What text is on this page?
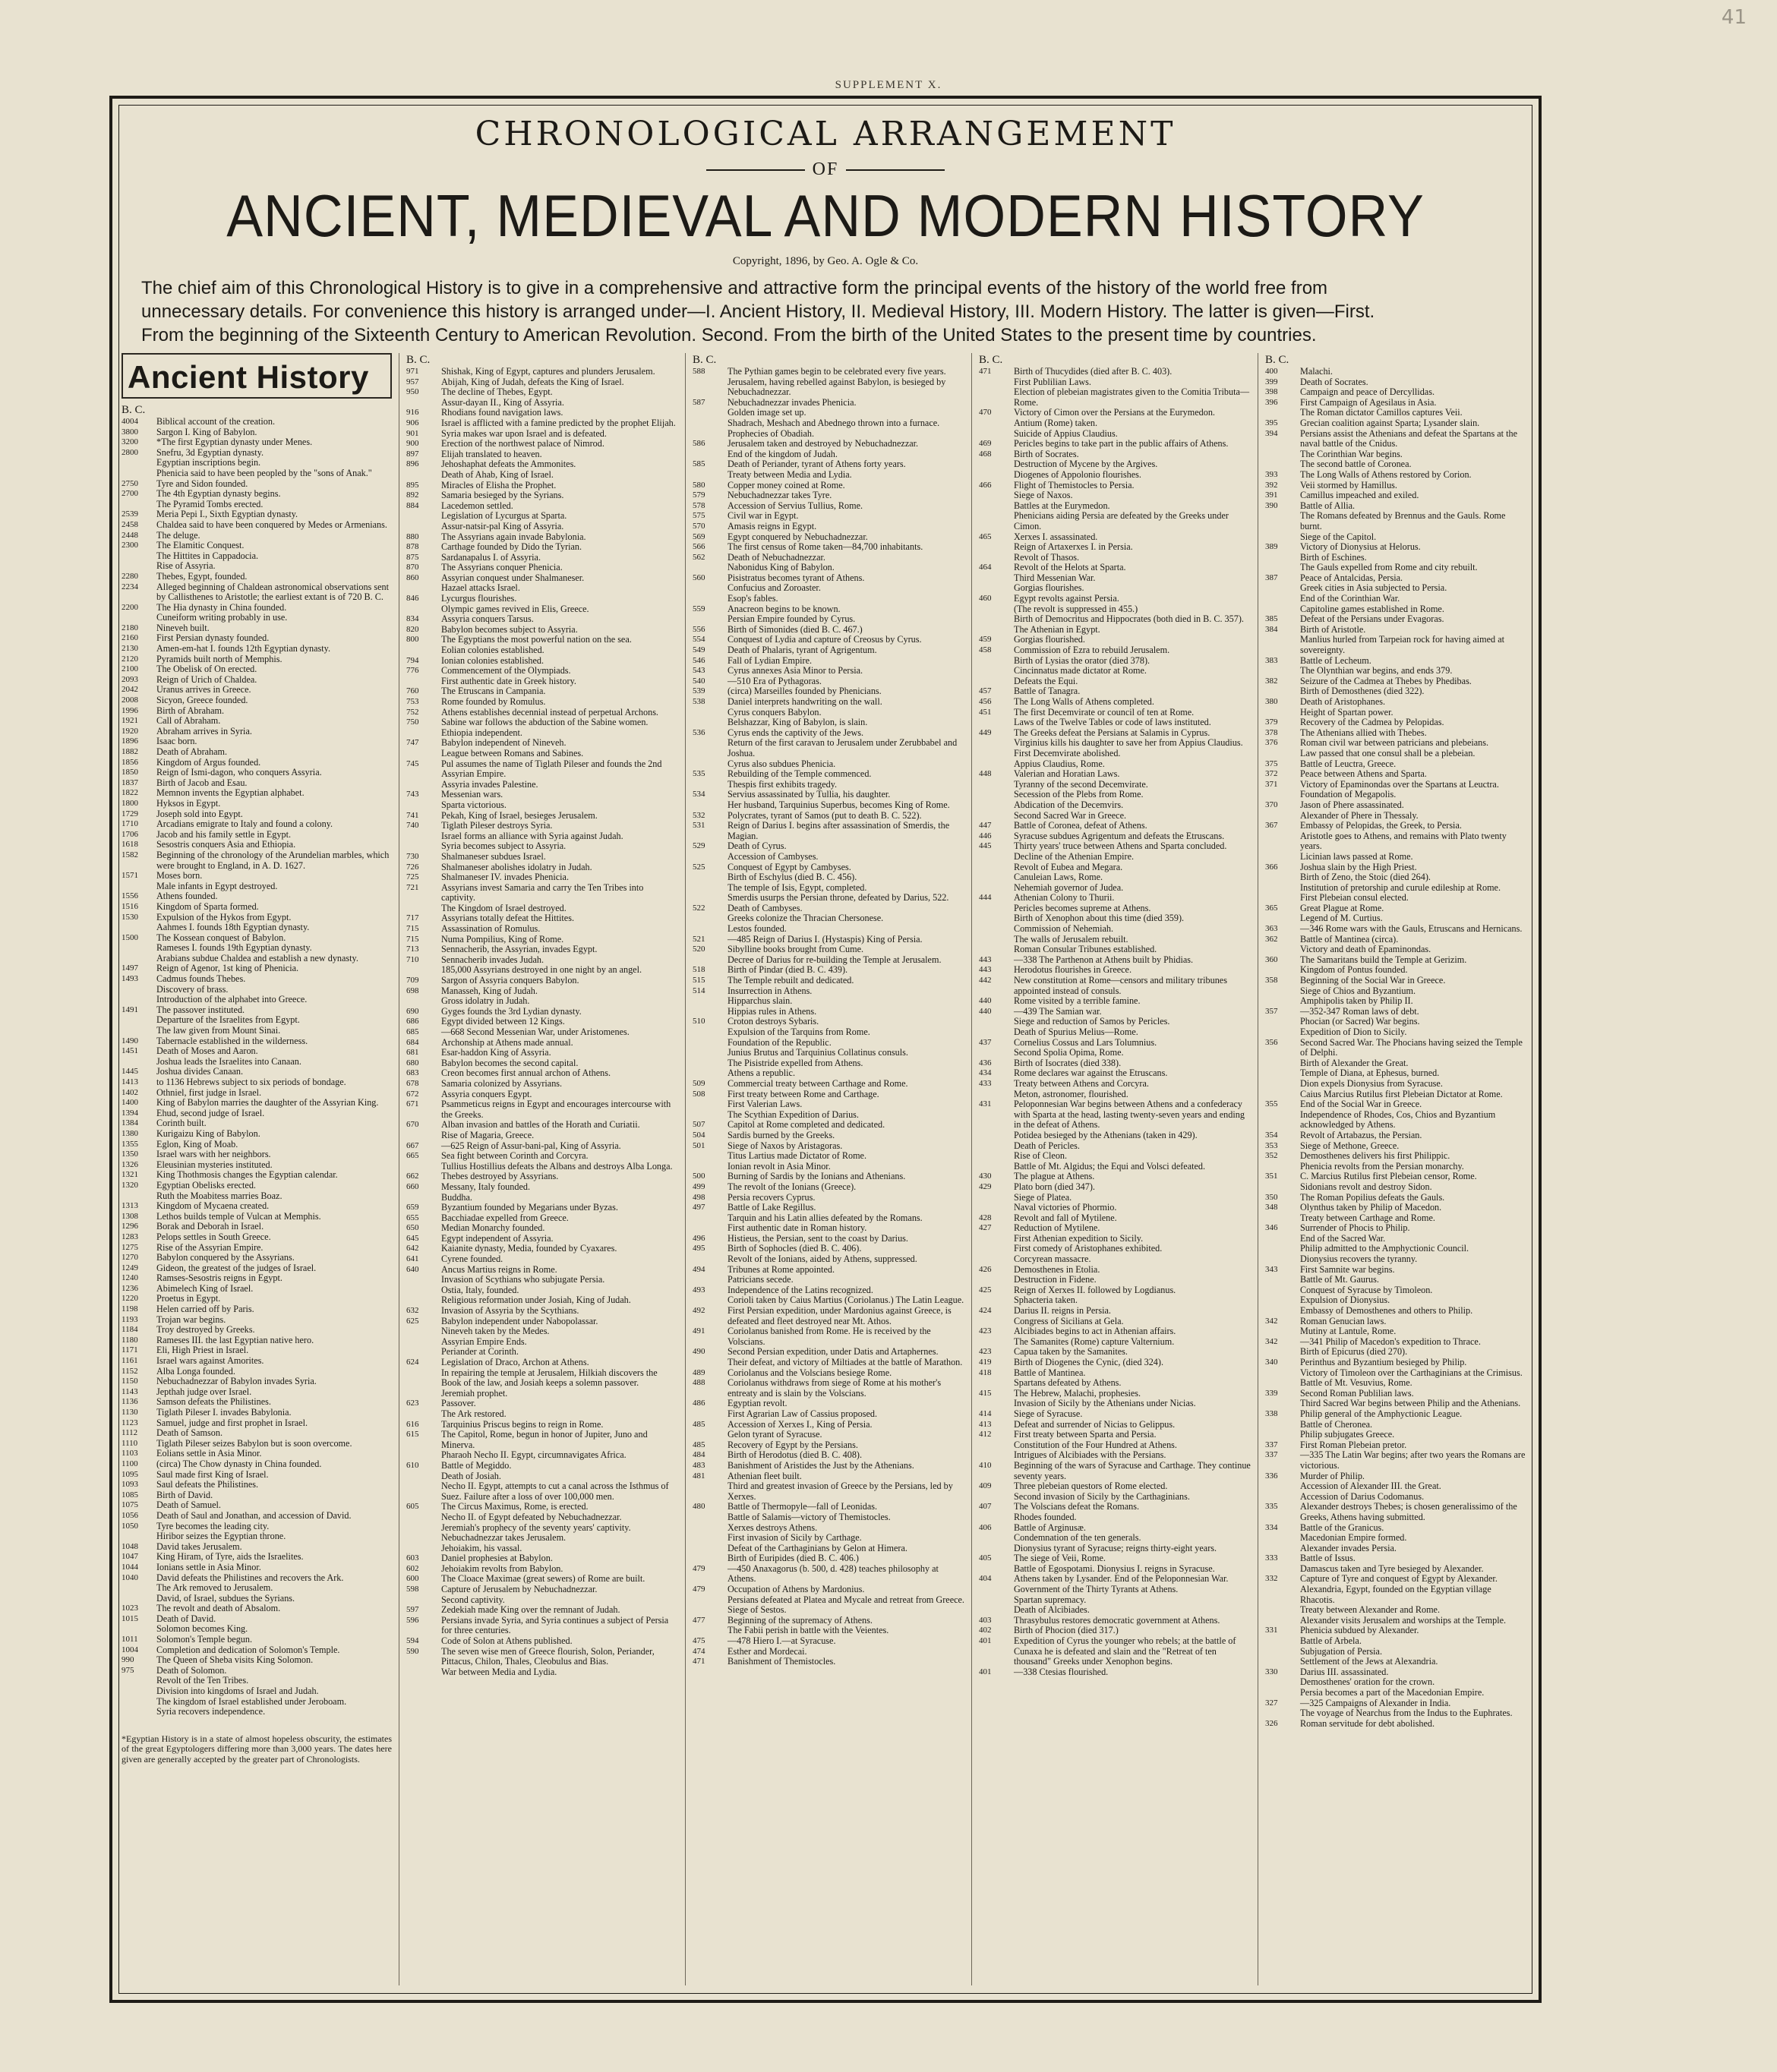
41
SUPPLEMENT X.
CHRONOLOGICAL ARRANGEMENT
OF
ANCIENT, MEDIEVAL AND MODERN HISTORY
Copyright, 1896, by Geo. A. Ogle & Co.
The chief aim of this Chronological History is to give in a comprehensive and attractive form the principal events of the history of the world free from
unnecessary details. For convenience this history is arranged under—I. Ancient History, II. Medieval History, III. Modern History. The latter is given—First.
From the beginning of the Sixteenth Century to American Revolution. Second. From the birth of the United States to the present time by countries.
Ancient History
B. C.
4004	Biblical account of the creation.
3800	Sargon I. King of Babylon.
3200	*The first Egyptian dynasty under Menes.
2800	Snefru, 3d Egyptian dynasty.
Egyptian inscriptions begin.
Phenicia said to have been peopled by the "sons of Anak."
2750	Tyre and Sidon founded.
2700	The 4th Egyptian dynasty begins.
The Pyramid Tombs erected.
2539	Meria Pepi I., Sixth Egyptian dynasty.
2458	Chaldea said to have been conquered by Medes or Armenians.
2448	The deluge.
2300	The Elamitic Conquest.
The Hittites in Cappadocia.
Rise of Assyria.
2280	Thebes, Egypt, founded.
2234	Alleged beginning of Chaldean astronomical observations sent by Callisthenes to Aristotle; the earliest extant is of 720 B. C.
2200	The Hia dynasty in China founded.
Cuneiform writing probably in use.
2180	Nineveh built.
2160	First Persian dynasty founded.
2130	Amen-em-hat I. founds 12th Egyptian dynasty.
2120	Pyramids built north of Memphis.
2100	The Obelisk of On erected.
2093	Reign of Urich of Chaldea.
2042	Uranus arrives in Greece.
2008	Sicyon, Greece founded.
1996	Birth of Abraham.
1921	Call of Abraham.
1920	Abraham arrives in Syria.
1896	Isaac born.
1882	Death of Abraham.
1856	Kingdom of Argus founded.
1850	Reign of Ismi-dagon, who conquers Assyria.
1837	Birth of Jacob and Esau.
1822	Memnon invents the Egyptian alphabet.
1800	Hyksos in Egypt.
1729	Joseph sold into Egypt.
1710	Arcadians emigrate to Italy and found a colony.
1706	Jacob and his family settle in Egypt.
1618	Sesostris conquers Asia and Ethiopia.
1582	Beginning of the chronology of the Arundelian marbles, which were brought to England, in A. D. 1627.
1571	Moses born.
Male infants in Egypt destroyed.
1556	Athens founded.
1516	Kingdom of Sparta formed.
1530	Expulsion of the Hykos from Egypt.
Aahmes I. founds 18th Egyptian dynasty.
1500	The Kossean conquest of Babylon.
Rameses I. founds 19th Egyptian dynasty.
Arabians subdue Chaldea and establish a new dynasty.
1497	Reign of Agenor, 1st king of Phenicia.
1493	Cadmus founds Thebes.
Discovery of brass.
Introduction of the alphabet into Greece.
1491	The passover instituted.
Departure of the Israelites from Egypt.
The law given from Mount Sinai.
1490	Tabernacle established in the wilderness.
1451	Death of Moses and Aaron.
Joshua leads the Israelites into Canaan.
1445	Joshua divides Canaan.
1413	to 1136 Hebrews subject to six periods of bondage.
1402	Othniel, first judge in Israel.
1400	King of Babylon marries the daughter of the Assyrian King.
1394	Ehud, second judge of Israel.
1384	Corinth built.
1380	Kurigaizu King of Babylon.
1355	Eglon, King of Moab.
1350	Israel wars with her neighbors.
1326	Eleusinian mysteries instituted.
1321	King Thothmosis changes the Egyptian calendar.
1320	Egyptian Obelisks erected.
Ruth the Moabitess marries Boaz.
1313	Kingdom of Mycaena created.
1308	Lethos builds temple of Vulcan at Memphis.
1296	Borak and Deborah in Israel.
1283	Pelops settles in South Greece.
1275	Rise of the Assyrian Empire.
1270	Babylon conquered by the Assyrians.
1249	Gideon, the greatest of the judges of Israel.
1240	Ramses-Sesostris reigns in Egypt.
1236	Abimelech King of Israel.
1220	Proetus in Egypt.
1198	Helen carried off by Paris.
1193	Trojan war begins.
1184	Troy destroyed by Greeks.
1180	Rameses III. the last Egyptian native hero.
1171	Eli, High Priest in Israel.
1161	Israel wars against Amorites.
1152	Alba Longa founded.
1150	Nebuchadnezzar of Babylon invades Syria.
1143	Jepthah judge over Israel.
1136	Samson defeats the Philistines.
1130	Tiglath Pileser I. invades Babylonia.
1123	Samuel, judge and first prophet in Israel.
1112	Death of Samson.
1110	Tiglath Pileser seizes Babylon but is soon overcome.
1103	Eolians settle in Asia Minor.
1100	(circa) The Chow dynasty in China founded.
1095	Saul made first King of Israel.
1093	Saul defeats the Philistines.
1085	Birth of David.
1075	Death of Samuel.
1056	Death of Saul and Jonathan, and accession of David.
1050	Tyre becomes the leading city.
Hiribor seizes the Egyptian throne.
1048	David takes Jerusalem.
1047	King Hiram, of Tyre, aids the Israelites.
1044	Ionians settle in Asia Minor.
1040	David defeats the Philistines and recovers the Ark.
The Ark removed to Jerusalem.
David, of Israel, subdues the Syrians.
1023	The revolt and death of Absalom.
1015	Death of David.
Solomon becomes King.
1011	Solomon's Temple begun.
1004	Completion and dedication of Solomon's Temple.
990	The Queen of Sheba visits King Solomon.
975	Death of Solomon.
Revolt of the Ten Tribes.
Division into kingdoms of Israel and Judah.
The kingdom of Israel established under Jeroboam.
Syria recovers independence.
*Egyptian History is in a state of almost hopeless obscurity, the estimates of the great Egyptologers differing more than 3,000 years. The dates here given are generally accepted by the greater part of Chronologists.
B. C.
971	Shishak, King of Egypt, captures and plunders Jerusalem.
957	Abijah, King of Judah, defeats the King of Israel.
950	The decline of Thebes, Egypt.
Assur-dayan II., King of Assyria.
916	Rhodians found navigation laws.
906	Israel is afflicted with a famine predicted by the prophet Elijah.
901	Syria makes war upon Israel and is defeated.
900	Erection of the northwest palace of Nimrod.
897	Elijah translated to heaven.
896	Jehoshaphat defeats the Ammonites.
Death of Ahab, King of Israel.
895	Miracles of Elisha the Prophet.
892	Samaria besieged by the Syrians.
884	Lacedemon settled.
Legislation of Lycurgus at Sparta.
Assur-natsir-pal King of Assyria.
880	The Assyrians again invade Babylonia.
878	Carthage founded by Dido the Tyrian.
875	Sardanapalus I. of Assyria.
870	The Assyrians conquer Phenicia.
860	Assyrian conquest under Shalmaneser.
Hazael attacks Israel.
846	Lycurgus flourishes.
Olympic games revived in Elis, Greece.
834	Assyria conquers Tarsus.
820	Babylon becomes subject to Assyria.
800	The Egyptians the most powerful nation on the sea.
Eolian colonies established.
794	Ionian colonies established.
776	Commencement of the Olympiads.
First authentic date in Greek history.
760	The Etruscans in Campania.
753	Rome founded by Romulus.
752	Athens establishes decennial instead of perpetual Archons.
750	Sabine war follows the abduction of the Sabine women.
Ethiopia independent.
747	Babylon independent of Nineveh.
League between Romans and Sabines.
745	Pul assumes the name of Tiglath Pileser and founds the 2nd Assyrian Empire.
Assyria invades Palestine.
743	Messenian wars.
Sparta victorious.
741	Pekah, King of Israel, besieges Jerusalem.
740	Tiglath Pileser destroys Syria.
Israel forms an alliance with Syria against Judah.
Syria becomes subject to Assyria.
730	Shalmaneser subdues Israel.
726	Shalmaneser abolishes idolatry in Judah.
725	Shalmaneser IV. invades Phenicia.
721	Assyrians invest Samaria and carry the Ten Tribes into captivity.
The Kingdom of Israel destroyed.
717	Assyrians totally defeat the Hittites.
715	Assassination of Romulus.
715	Numa Pompilius, King of Rome.
713	Sennacherib, the Assyrian, invades Egypt.
710	Sennacherib invades Judah.
185,000 Assyrians destroyed in one night by an angel.
709	Sargon of Assyria conquers Babylon.
698	Manasseh, King of Judah.
Gross idolatry in Judah.
690	Gyges founds the 3rd Lydian dynasty.
686	Egypt divided between 12 Kings.
685	—668 Second Messenian War, under Aristomenes.
684	Archonship at Athens made annual.
681	Esar-haddon King of Assyria.
680	Babylon becomes the second capital.
683	Creon becomes first annual archon of Athens.
678	Samaria colonized by Assyrians.
672	Assyria conquers Egypt.
671	Psammeticus reigns in Egypt and encourages intercourse with the Greeks.
670	Alban invasion and battles of the Horath and Curiatii.
Rise of Magaria, Greece.
667	—625 Reign of Assur-bani-pal, King of Assyria.
665	Sea fight between Corinth and Corcyra.
Tullius Hostillius defeats the Albans and destroys Alba Longa.
662	Thebes destroyed by Assyrians.
660	Messany, Italy founded.
Buddha.
659	Byzantium founded by Megarians under Byzas.
655	Bacchiadae expelled from Greece.
650	Median Monarchy founded.
645	Egypt independent of Assyria.
642	Kaianite dynasty, Media, founded by Cyaxares.
641	Cyrene founded.
640	Ancus Martius reigns in Rome.
Invasion of Scythians who subjugate Persia.
Ostia, Italy, founded.
Religious reformation under Josiah, King of Judah.
632	Invasion of Assyria by the Scythians.
625	Babylon independent under Nabopolassar.
Nineveh taken by the Medes.
Assyrian Empire Ends.
Periander at Corinth.
624	Legislation of Draco, Archon at Athens.
In repairing the temple at Jerusalem, Hilkiah discovers the Book of the law, and Josiah keeps a solemn passover.
Jeremiah prophet.
623	Passover.
The Ark restored.
616	Tarquinius Priscus begins to reign in Rome.
615	The Capitol, Rome, begun in honor of Jupiter, Juno and Minerva.
Pharaoh Necho II. Egypt, circumnavigates Africa.
610	Battle of Megiddo.
Death of Josiah.
Necho II. Egypt, attempts to cut a canal across the Isthmus of Suez. Failure after a loss of over 100,000 men.
605	The Circus Maximus, Rome, is erected.
Necho II. of Egypt defeated by Nebuchadnezzar.
Jeremiah's prophecy of the seventy years' captivity.
Nebuchadnezzar takes Jerusalem.
Jehoiakim, his vassal.
603	Daniel prophesies at Babylon.
602	Jehoiakim revolts from Babylon.
600	The Cloace Maximae (great sewers) of Rome are built.
598	Capture of Jerusalem by Nebuchadnezzar.
Second captivity.
597	Zedekiah made King over the remnant of Judah.
596	Persians invade Syria, and Syria continues a subject of Persia for three centuries.
594	Code of Solon at Athens published.
590	The seven wise men of Greece flourish, Solon, Periander, Pittacus, Chilon, Thales, Cleobulus and Bias.
War between Media and Lydia.
B. C.
588	The Pythian games begin to be celebrated every five years.
Jerusalem, having rebelled against Babylon, is besieged by Nebuchadnezzar.
587	Nebuchadnezzar invades Phenicia.
Golden image set up.
Shadrach, Meshach and Abednego thrown into a furnace.
Prophecies of Obadiah.
586	Jerusalem taken and destroyed by Nebuchadnezzar.
End of the kingdom of Judah.
585	Death of Periander, tyrant of Athens forty years.
Treaty between Media and Lydia.
580	Copper money coined at Rome.
579	Nebuchadnezzar takes Tyre.
578	Accession of Servius Tullius, Rome.
575	Civil war in Egypt.
570	Amasis reigns in Egypt.
569	Egypt conquered by Nebuchadnezzar.
566	The first census of Rome taken—84,700 inhabitants.
562	Death of Nebuchadnezzar.
Nabonidus King of Babylon.
560	Pisistratus becomes tyrant of Athens.
Confucius and Zoroaster.
Esop's fables.
559	Anacreon begins to be known.
Persian Empire founded by Cyrus.
556	Birth of Simonides (died B. C. 467.)
554	Conquest of Lydia and capture of Creosus by Cyrus.
549	Death of Phalaris, tyrant of Agrigentum.
546	Fall of Lydian Empire.
543	Cyrus annexes Asia Minor to Persia.
540	—510 Era of Pythagoras.
539	(circa) Marseilles founded by Phenicians.
538	Daniel interprets handwriting on the wall.
Cyrus conquers Babylon.
Belshazzar, King of Babylon, is slain.
536	Cyrus ends the captivity of the Jews.
Return of the first caravan to Jerusalem under Zerubbabel and Joshua.
Cyrus also subdues Phenicia.
535	Rebuilding of the Temple commenced.
Thespis first exhibits tragedy.
534	Servius assassinated by Tullia, his daughter.
Her husband, Tarquinius Superbus, becomes King of Rome.
532	Polycrates, tyrant of Samos (put to death B. C. 522).
531	Reign of Darius I. begins after assassination of Smerdis, the Magian.
529	Death of Cyrus.
Accession of Cambyses.
525	Conquest of Egypt by Cambyses.
Birth of Eschylus (died B. C. 456).
The temple of Isis, Egypt, completed.
Smerdis usurps the Persian throne, defeated by Darius, 522.
522	Death of Cambyses.
Greeks colonize the Thracian Chersonese.
Lestos founded.
521	—485 Reign of Darius I. (Hystaspis) King of Persia.
520	Sibylline books brought from Cume.
Decree of Darius for re-building the Temple at Jerusalem.
518	Birth of Pindar (died B. C. 439).
515	The Temple rebuilt and dedicated.
514	Insurrection in Athens.
Hipparchus slain.
Hippias rules in Athens.
510	Croton destroys Sybaris.
Expulsion of the Tarquins from Rome.
Foundation of the Republic.
Junius Brutus and Tarquinius Collatinus consuls.
The Pisistride expelled from Athens.
Athens a republic.
509	Commercial treaty between Carthage and Rome.
508	First treaty between Rome and Carthage.
First Valerian Laws.
The Scythian Expedition of Darius.
507	Capitol at Rome completed and dedicated.
504	Sardis burned by the Greeks.
501	Siege of Naxos by Aristagoras.
Titus Lartius made Dictator of Rome.
Ionian revolt in Asia Minor.
500	Burning of Sardis by the Ionians and Athenians.
499	The revolt of the Ionians (Greece).
498	Persia recovers Cyprus.
497	Battle of Lake Regillus.
Tarquin and his Latin allies defeated by the Romans.
First authentic date in Roman history.
496	Histieus, the Persian, sent to the coast by Darius.
495	Birth of Sophocles (died B. C. 406).
Revolt of the Ionians, aided by Athens, suppressed.
494	Tribunes at Rome appointed.
Patricians secede.
493	Independence of the Latins recognized.
Corioli taken by Caius Martius (Coriolanus.) The Latin League.
492	First Persian expedition, under Mardonius against Greece, is defeated and fleet destroyed near Mt. Athos.
491	Coriolanus banished from Rome. He is received by the Volscians.
490	Second Persian expedition, under Datis and Artaphernes.
Their defeat, and victory of Miltiades at the battle of Marathon.
489	Coriolanus and the Volscians besiege Rome.
488	Coriolanus withdraws from siege of Rome at his mother's entreaty and is slain by the Volscians.
486	Egyptian revolt.
First Agrarian Law of Cassius proposed.
485	Accession of Xerxes I., King of Persia.
Gelon tyrant of Syracuse.
485	Recovery of Egypt by the Persians.
484	Birth of Herodotus (died B. C. 408).
483	Banishment of Aristides the Just by the Athenians.
481	Athenian fleet built.
Third and greatest invasion of Greece by the Persians, led by Xerxes.
480	Battle of Thermopyle—fall of Leonidas.
Battle of Salamis—victory of Themistocles.
Xerxes destroys Athens.
First invasion of Sicily by Carthage.
Defeat of the Carthaginians by Gelon at Himera.
Birth of Euripides (died B. C. 406.)
479	—450 Anaxagorus (b. 500, d. 428) teaches philosophy at Athens.
479	Occupation of Athens by Mardonius.
Persians defeated at Platea and Mycale and retreat from Greece.
Siege of Sestos.
477	Beginning of the supremacy of Athens.
The Fabii perish in battle with the Veientes.
475	—478 Hiero I.—at Syracuse.
474	Esther and Mordecai.
471	Banishment of Themistocles.
B. C.
471	Birth of Thucydides (died after B. C. 403).
First Publilian Laws.
Election of plebeian magistrates given to the Comitia Tributa—Rome.
470	Victory of Cimon over the Persians at the Eurymedon.
Antium (Rome) taken.
Suicide of Appius Claudius.
469	Pericles begins to take part in the public affairs of Athens.
468	Birth of Socrates.
Destruction of Mycene by the Argives.
Diogenes of Appolonio flourishes.
466	Flight of Themistocles to Persia.
Siege of Naxos.
Battles at the Eurymedon.
Phenicians aiding Persia are defeated by the Greeks under Cimon.
465	Xerxes I. assassinated.
Reign of Artaxerxes I. in Persia.
Revolt of Thasos.
464	Revolt of the Helots at Sparta.
Third Messenian War.
Gorgias flourishes.
460	Egypt revolts against Persia.
(The revolt is suppressed in 455.)
Birth of Democritus and Hippocrates (both died in B. C. 357).
The Athenian in Egypt.
459	Gorgias flourished.
458	Commission of Ezra to rebuild Jerusalem.
Birth of Lysias the orator (died 378).
Cincinnatus made dictator at Rome.
Defeats the Equi.
457	Battle of Tanagra.
456	The Long Walls of Athens completed.
451	The first Decemvirate or council of ten at Rome.
Laws of the Twelve Tables or code of laws instituted.
449	The Greeks defeat the Persians at Salamis in Cyprus.
Virginius kills his daughter to save her from Appius Claudius.
First Decemvirate abolished.
Appius Claudius, Rome.
448	Valerian and Horatian Laws.
Tyranny of the second Decemvirate.
Secession of the Plebs from Rome.
Abdication of the Decemvirs.
Second Sacred War in Greece.
447	Battle of Coronea, defeat of Athens.
446	Syracuse subdues Agrigentum and defeats the Etruscans.
445	Thirty years' truce between Athens and Sparta concluded.
Decline of the Athenian Empire.
Revolt of Eubea and Megara.
Canuleian Laws, Rome.
Nehemiah governor of Judea.
444	Athenian Colony to Thurii.
Pericles becomes supreme at Athens.
Birth of Xenophon about this time (died 359).
Commission of Nehemiah.
The walls of Jerusalem rebuilt.
Roman Consular Tribunes established.
443	—338 The Parthenon at Athens built by Phidias.
443	Herodotus flourishes in Greece.
442	New constitution at Rome—censors and military tribunes appointed instead of consuls.
440	Rome visited by a terrible famine.
440	—439 The Samian war.
Siege and reduction of Samos by Pericles.
Death of Spurius Melius—Rome.
437	Cornelius Cossus and Lars Tolumnius.
Second Spolia Opima, Rome.
436	Birth of Isocrates (died 338).
434	Rome declares war against the Etruscans.
433	Treaty between Athens and Corcyra.
Meton, astronomer, flourished.
431	Peloponnesian War begins between Athens and a confederacy with Sparta at the head, lasting twenty-seven years and ending in the defeat of Athens.
Potidea besieged by the Athenians (taken in 429).
Death of Pericles.
Rise of Cleon.
Battle of Mt. Algidus; the Equi and Volsci defeated.
430	The plague at Athens.
429	Plato born (died 347).
Siege of Platea.
Naval victories of Phormio.
428	Revolt and fall of Mytilene.
427	Reduction of Mytilene.
First Athenian expedition to Sicily.
First comedy of Aristophanes exhibited.
Corcyrean massacre.
426	Demosthenes in Etolia.
Destruction in Fidene.
425	Reign of Xerxes II. followed by Logdianus.
Sphacteria taken.
424	Darius II. reigns in Persia.
Congress of Sicilians at Gela.
423	Alcibiades begins to act in Athenian affairs.
The Samanites (Rome) capture Valternium.
423	Capua taken by the Samanites.
419	Birth of Diogenes the Cynic, (died 324).
418	Battle of Mantinea.
Spartans defeated by Athens.
415	The Hebrew, Malachi, prophesies.
Invasion of Sicily by the Athenians under Nicias.
414	Siege of Syracuse.
413	Defeat and surrender of Nicias to Gelippus.
412	First treaty between Sparta and Persia.
Constitution of the Four Hundred at Athens.
Intrigues of Alcibiades with the Persians.
410	Beginning of the wars of Syracuse and Carthage. They continue seventy years.
409	Three plebeian questors of Rome elected.
Second invasion of Sicily by the Carthaginians.
407	The Volscians defeat the Romans.
Rhodes founded.
406	Battle of Arginusæ.
Condemnation of the ten generals.
Dionysius tyrant of Syracuse; reigns thirty-eight years.
405	The siege of Veii, Rome.
Battle of Egospotami. Dionysius I. reigns in Syracuse.
404	Athens taken by Lysander. End of the Peloponnesian War.
Government of the Thirty Tyrants at Athens.
Spartan supremacy.
Death of Alcibiades.
403	Thrasybulus restores democratic government at Athens.
402	Birth of Phocion (died 317.)
401	Expedition of Cyrus the younger who rebels; at the battle of Cunaxa he is defeated and slain and the "Retreat of ten thousand" Greeks under Xenophon begins.
401	—338 Ctesias flourished.
B. C.
400	Malachi.
399	Death of Socrates.
398	Campaign and peace of Dercyllidas.
396	First Campaign of Agesilaus in Asia.
The Roman dictator Camillos captures Veii.
395	Grecian coalition against Sparta; Lysander slain.
394	Persians assist the Athenians and defeat the Spartans at the naval battle of the Cnidus.
The Corinthian War begins.
The second battle of Coronea.
393	The Long Walls of Athens restored by Corion.
392	Veii stormed by Hamillus.
391	Camillus impeached and exiled.
390	Battle of Allia.
The Romans defeated by Brennus and the Gauls. Rome burnt.
Siege of the Capitol.
389	Victory of Dionysius at Helorus.
Birth of Eschines.
The Gauls expelled from Rome and city rebuilt.
387	Peace of Antalcidas, Persia.
Greek cities in Asia subjected to Persia.
End of the Corinthian War.
Capitoline games established in Rome.
385	Defeat of the Persians under Evagoras.
384	Birth of Aristotle.
Manlius hurled from Tarpeian rock for having aimed at sovereignty.
383	Battle of Lecheum.
The Olynthian war begins, and ends 379.
382	Seizure of the Cadmea at Thebes by Phedibas.
Birth of Demosthenes (died 322).
380	Death of Aristophanes.
Height of Spartan power.
379	Recovery of the Cadmea by Pelopidas.
378	The Athenians allied with Thebes.
376	Roman civil war between patricians and plebeians.
Law passed that one consul shall be a plebeian.
375	Battle of Leuctra, Greece.
372	Peace between Athens and Sparta.
371	Victory of Epaminondas over the Spartans at Leuctra.
Foundation of Megapolis.
370	Jason of Phere assassinated.
Alexander of Phere in Thessaly.
367	Embassy of Pelopidas, the Greek, to Persia.
Aristotle goes to Athens, and remains with Plato twenty years.
Licinian laws passed at Rome.
366	Joshua slain by the High Priest.
Birth of Zeno, the Stoic (died 264).
Institution of pretorship and curule edileship at Rome.
First Plebeian consul elected.
365	Great Plague at Rome.
Legend of M. Curtius.
363	—346 Rome wars with the Gauls, Etruscans and Hernicans.
362	Battle of Mantinea (circa).
Victory and death of Epaminondas.
360	The Samaritans build the Temple at Gerizim.
Kingdom of Pontus founded.
358	Beginning of the Social War in Greece.
Siege of Chios and Byzantium.
Amphipolis taken by Philip II.
357	—352-347 Roman laws of debt.
Phocian (or Sacred) War begins.
Expedition of Dion to Sicily.
356	Second Sacred War. The Phocians having seized the Temple of Delphi.
Birth of Alexander the Great.
Temple of Diana, at Ephesus, burned.
Dion expels Dionysius from Syracuse.
Caius Marcius Rutilus first Plebeian Dictator at Rome.
355	End of the Social War in Greece.
Independence of Rhodes, Cos, Chios and Byzantium acknowledged by Athens.
354	Revolt of Artabazus, the Persian.
353	Siege of Methone, Greece.
352	Demosthenes delivers his first Philippic.
Phenicia revolts from the Persian monarchy.
351	C. Marcius Rutilus first Plebeian censor, Rome.
Sidonians revolt and destroy Sidon.
350	The Roman Popilius defeats the Gauls.
348	Olynthus taken by Philip of Macedon.
Treaty between Carthage and Rome.
346	Surrender of Phocis to Philip.
End of the Sacred War.
Philip admitted to the Amphyctionic Council.
Dionysius recovers the tyranny.
343	First Samnite war begins.
Battle of Mt. Gaurus.
Conquest of Syracuse by Timoleon.
Expulsion of Dionysius.
Embassy of Demosthenes and others to Philip.
342	Roman Genucian laws.
Mutiny at Lantule, Rome.
342	—341 Philip of Macedon's expedition to Thrace.
Birth of Epicurus (died 270).
340	Perinthus and Byzantium besieged by Philip.
Victory of Timoleon over the Carthaginians at the Crimisus.
Battle of Mt. Vesuvius, Rome.
339	Second Roman Publilian laws.
Third Sacred War begins between Philip and the Athenians.
338	Philip general of the Amphyctionic League.
Battle of Cheronea.
Philip subjugates Greece.
337	First Roman Plebeian pretor.
337	—335 The Latin War begins; after two years the Romans are victorious.
336	Murder of Philip.
Accession of Alexander III. the Great.
Accession of Darius Codomanus.
335	Alexander destroys Thebes; is chosen generalissimo of the Greeks, Athens having submitted.
334	Battle of the Granicus.
Macedonian Empire formed.
Alexander invades Persia.
333	Battle of Issus.
Damascus taken and Tyre besieged by Alexander.
332	Capture of Tyre and conquest of Egypt by Alexander.
Alexandria, Egypt, founded on the Egyptian village Rhacotis.
Treaty between Alexander and Rome.
Alexander visits Jerusalem and worships at the Temple.
331	Phenicia subdued by Alexander.
Battle of Arbela.
Subjugation of Persia.
Settlement of the Jews at Alexandria.
330	Darius III. assassinated.
Demosthenes' oration for the crown.
Persia becomes a part of the Macedonian Empire.
327	—325 Campaigns of Alexander in India.
The voyage of Nearchus from the Indus to the Euphrates.
326	Roman servitude for debt abolished.
